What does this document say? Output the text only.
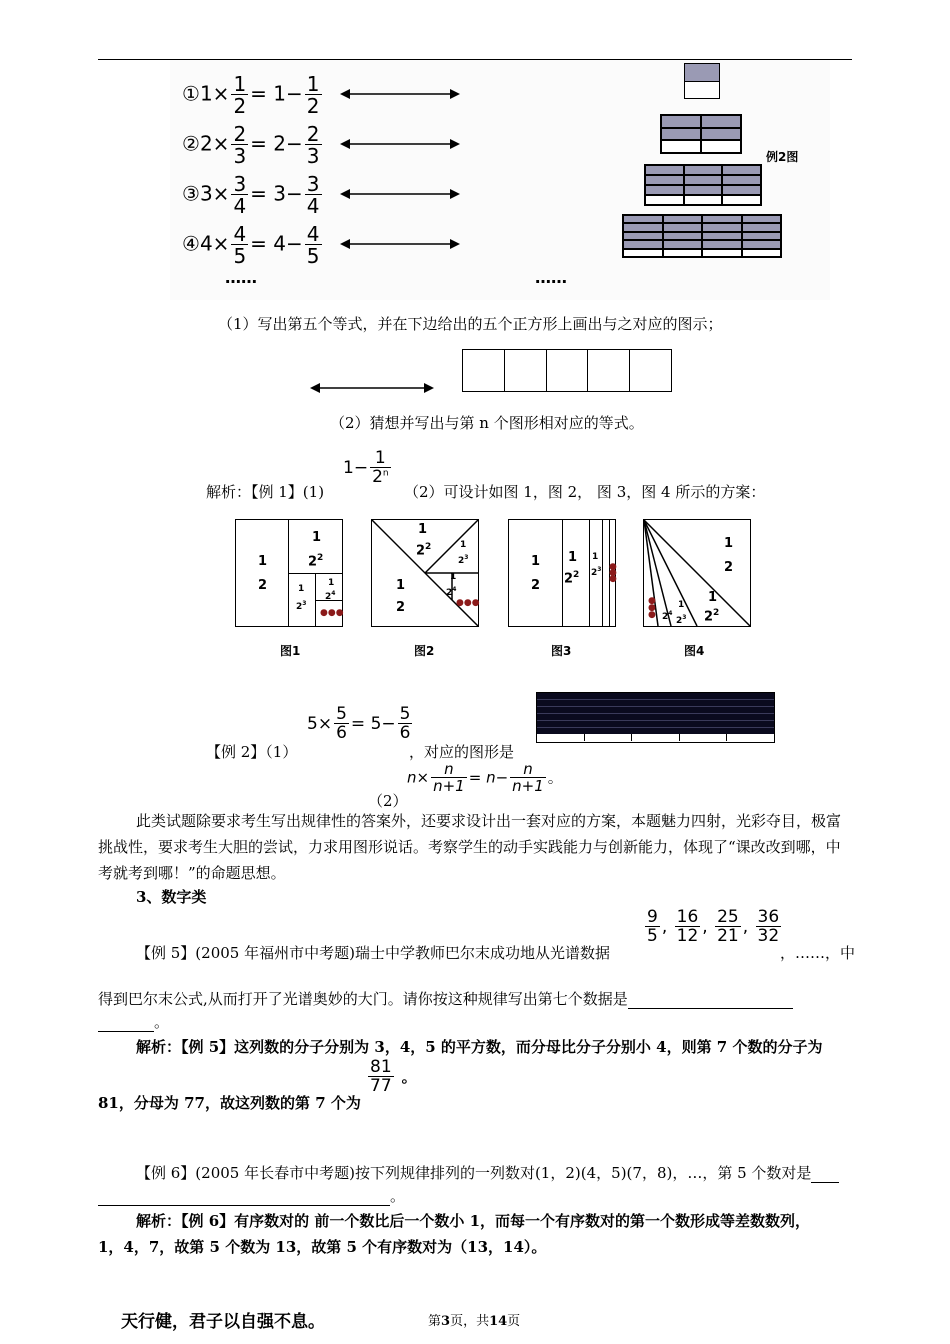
①1× $\frac{1}{2} = 1- \frac{1}{2}$
②2× $\frac{2}{3} = 2- \frac{2}{3}$
③3× $\frac{3}{4} = 3- \frac{3}{4}$
④4× $\frac{4}{5} = 4- \frac{4}{5}$
……	……
例2图
（1）写出第五个等式，并在下边给出的五个正方形上画出与之对应的图示；
（2）猜想并写出与第 n 个图形相对应的等式。
解析：【例 1】(1)
$1- \frac{1}{2^n}$
（2）可设计如图 1，图 2， 图 3，图 4 所示的方案：
1
2
1
$2^2$
1
$2^3$
1
$2^4$
●●●
图1
1
$2^2$
1
2
1
$2^3$
1
$2^4$
●●●
图2
1
2
1
$2^2$
1
$2^3$ ●●●
图3
1
2
1
$2^2$
1
$2^3$
$2^4$
●●●
图4
【例 2】（1）
$5\times \frac{5}{6} = 5- \frac{5}{6}$
，对应的图形是
（2）
$n\times \frac{n}{n+1} = n- \frac{n}{n+1}$ 。
此类试题除要求考生写出规律性的答案外，还要求设计出一套对应的方案，本题魅力四射，光彩夺目，极富挑战性，要求考生大胆的尝试，力求用图形说话。考察学生的动手实践能力与创新能力，体现了“课改改到哪，中考就考到哪！”的命题思想。
3、数字类
【例 5】(2005 年福州市中考题)瑞士中学教师巴尔末成功地从光谱数据
$\frac{9}{5}$ , $\frac{16}{12}$ , $\frac{25}{21}$ , $\frac{36}{32}$
，……，中
得到巴尔末公式,从而打开了光谱奥妙的大门。请你按这种规律写出第七个数据是
。
解析：【例 5】这列数的分子分别为 3，4，5 的平方数，而分母比分子分别小 4，则第 7 个数的分子为
81，分母为 77，故这列数的第 7 个为
$\frac{81}{77}$ 。
【例 6】(2005 年长春市中考题)按下列规律排列的一列数对(1，2)(4，5)(7，8)，…，第 5 个数对是
。
解析：【例 6】有序数对的 前一个数比后一个数小 1，而每一个有序数对的第一个数形成等差数数列，
1，4，7，故第 5 个数为 13，故第 5 个有序数对为（13，14）。
天行健，君子以自强不息。	第3页，共14页
